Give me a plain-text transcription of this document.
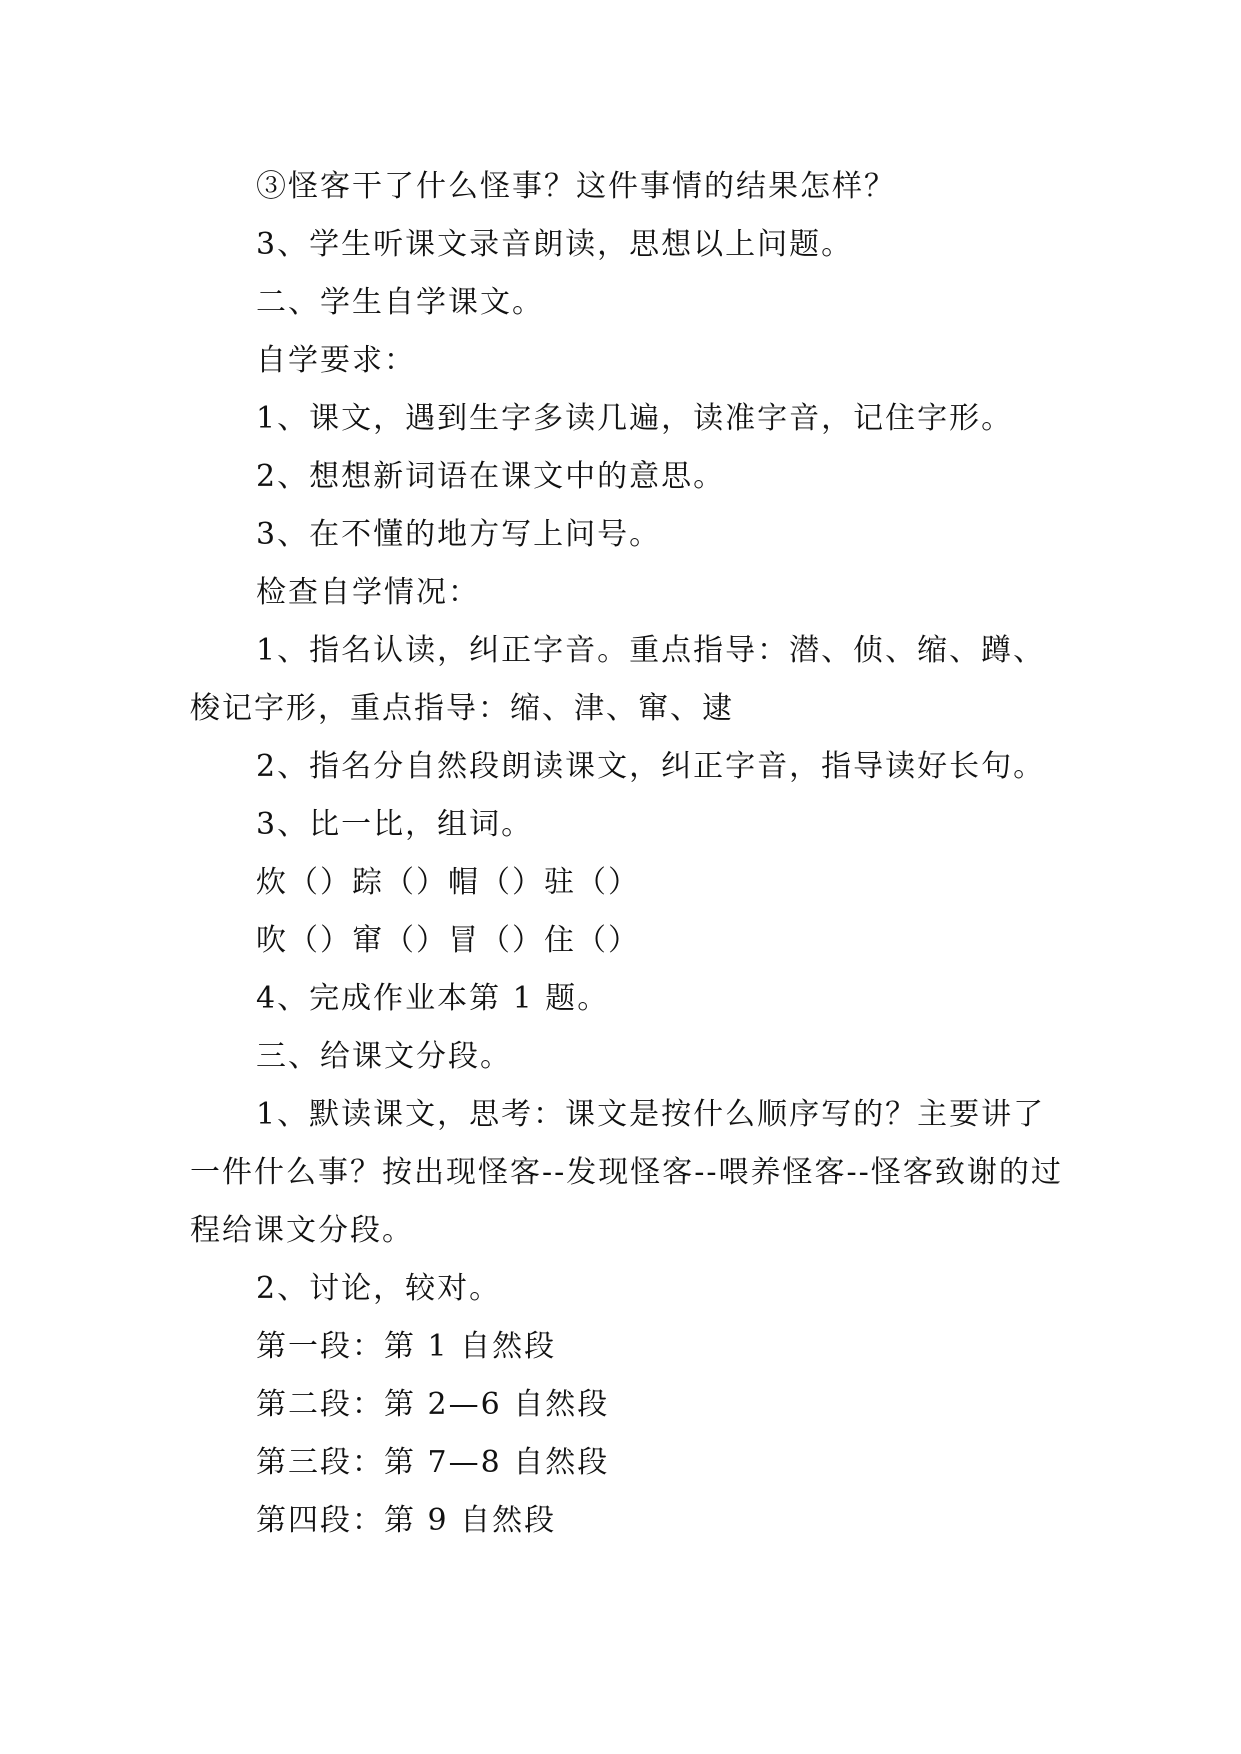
③怪客干了什么怪事？这件事情的结果怎样？

3、学生听课文录音朗读，思想以上问题。

二、学生自学课文。

自学要求：

1、课文，遇到生字多读几遍，读准字音，记住字形。

2、想想新词语在课文中的意思。

3、在不懂的地方写上问号。

检查自学情况：

1、指名认读，纠正字音。重点指导：潜、侦、缩、蹲、梭记字形，重点指导：缩、津、窜、逮

2、指名分自然段朗读课文，纠正字音，指导读好长句。

3、比一比，组词。

炊（）踪（）帽（）驻（）

吹（）窜（）冒（）住（）

4、完成作业本第 1 题。

三、给课文分段。

1、默读课文，思考：课文是按什么顺序写的？主要讲了一件什么事？按出现怪客--发现怪客--喂养怪客--怪客致谢的过程给课文分段。

2、讨论，较对。

第一段：第 1 自然段

第二段：第 2—6 自然段

第三段：第 7—8 自然段

第四段：第 9 自然段
